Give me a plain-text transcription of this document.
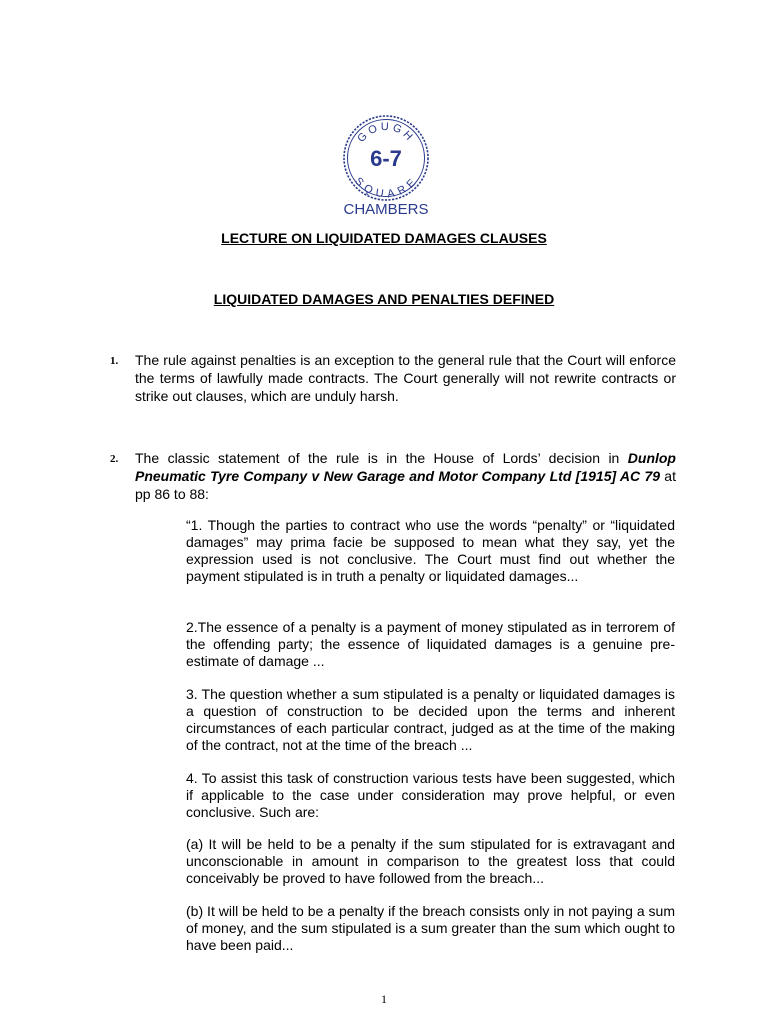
GOUGH
SQUARE
6-7
CHAMBERS
LECTURE ON LIQUIDATED DAMAGES CLAUSES
LIQUIDATED DAMAGES AND PENALTIES DEFINED
1. The rule against penalties is an exception to the general rule that the Court will enforce the terms of lawfully made contracts. The Court generally will not rewrite contracts or strike out clauses, which are unduly harsh.
2. The classic statement of the rule is in the House of Lords’ decision in Dunlop Pneumatic Tyre Company v New Garage and Motor Company Ltd [1915] AC 79 at pp 86 to 88:
“1. Though the parties to contract who use the words “penalty” or “liquidated damages” may prima facie be supposed to mean what they say, yet the expression used is not conclusive. The Court must find out whether the payment stipulated is in truth a penalty or liquidated damages...
2.The essence of a penalty is a payment of money stipulated as in terrorem of the offending party; the essence of liquidated damages is a genuine pre-estimate of damage ...
3. The question whether a sum stipulated is a penalty or liquidated damages is a question of construction to be decided upon the terms and inherent circumstances of each particular contract, judged as at the time of the making of the contract, not at the time of the breach ...
4. To assist this task of construction various tests have been suggested, which if applicable to the case under consideration may prove helpful, or even conclusive. Such are:
(a) It will be held to be a penalty if the sum stipulated for is extravagant and unconscionable in amount in comparison to the greatest loss that could conceivably be proved to have followed from the breach...
(b) It will be held to be a penalty if the breach consists only in not paying a sum of money, and the sum stipulated is a sum greater than the sum which ought to have been paid...
1
